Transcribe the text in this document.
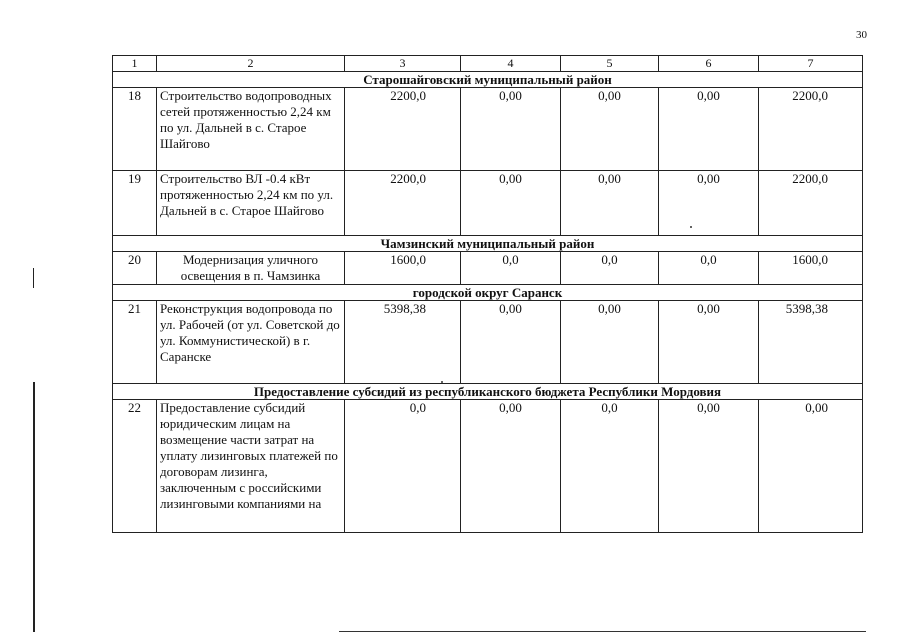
30
1	2	3	4	5	6	7
Старошайговский муниципальный район						
18	Строительство водопроводных сетей протяженностью 2,24 км по ул. Дальней в с. Старое Шайгово	2200,0	0,00	0,00	0,00	2200,0
19	Строительство ВЛ -0.4 кВт протяженностью 2,24 км по ул. Дальней в с. Старое Шайгово	2200,0	0,00	0,00	0,00	2200,0
Чамзинский муниципальный район						
20	Модернизация уличного освещения в п. Чамзинка	1600,0	0,0	0,0	0,0	1600,0
городской округ Саранск						
21	Реконструкция водопровода по ул. Рабочей (от ул. Советской до ул. Коммунистической) в г. Саранске	5398,38	0,00	0,00	0,00	5398,38
Предоставление субсидий из республиканского бюджета Республики Мордовия						
22	Предоставление субсидий юридическим лицам на возмещение части затрат на уплату лизинговых платежей по договорам лизинга, заключенным с российскими лизинговыми компаниями на	0,0	0,00	0,0	0,00	0,00
